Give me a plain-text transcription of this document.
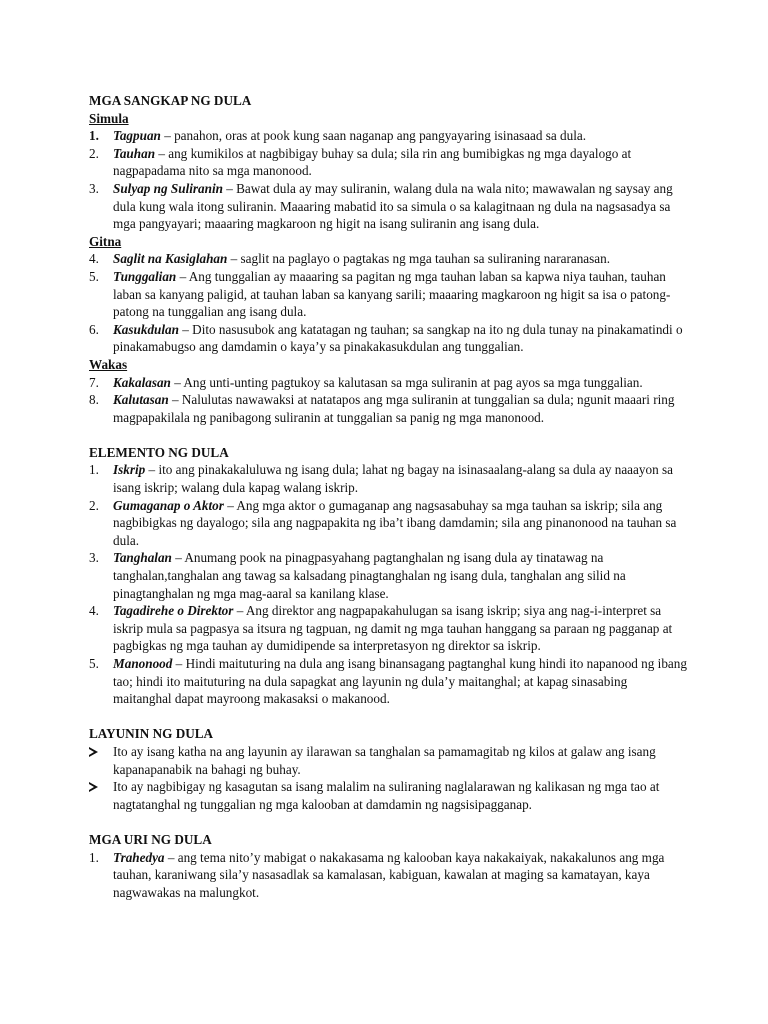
MGA SANGKAP NG DULA
Simula
1. Tagpuan – panahon, oras at pook kung saan naganap ang pangyayaring isinasaad sa dula.
2. Tauhan – ang kumikilos at nagbibigay buhay sa dula; sila rin ang bumibigkas ng mga dayalogo at nagpapadama nito sa mga manonood.
3. Sulyap ng Suliranin – Bawat dula ay may suliranin, walang dula na wala nito; mawawalan ng saysay ang dula kung wala itong suliranin. Maaaring mabatid ito sa simula o sa kalagitnaan ng dula na nagsasadya sa mga pangyayari; maaaring magkaroon ng higit na isang suliranin ang isang dula.
Gitna
4. Saglit na Kasiglahan – saglit na paglayo o pagtakas ng mga tauhan sa suliraning nararanasan.
5. Tunggalian – Ang tunggalian ay maaaring sa pagitan ng mga tauhan laban sa kapwa niya tauhan, tauhan laban sa kanyang paligid, at tauhan laban sa kanyang sarili; maaaring magkaroon ng higit sa isa o patong-patong na tunggalian ang isang dula.
6. Kasukdulan – Dito nasusubok ang katatagan ng tauhan; sa sangkap na ito ng dula tunay na pinakamatindi o pinakamabugso ang damdamin o kaya’y sa pinakakasukdulan ang tunggalian.
Wakas
7. Kakalasan – Ang unti-unting pagtukoy sa kalutasan sa mga suliranin at pag ayos sa mga tunggalian.
8. Kalutasan – Nalulutas nawawaksi at natatapos ang mga suliranin at tunggalian sa dula; ngunit maaari ring magpapakilala ng panibagong suliranin at tunggalian sa panig ng mga manonood.
ELEMENTO NG DULA
1. Iskrip – ito ang pinakakaluluwa ng isang dula; lahat ng bagay na isinasaalang-alang sa dula ay naaayon sa isang iskrip; walang dula kapag walang iskrip.
2. Gumaganap o Aktor – Ang mga aktor o gumaganap ang nagsasabuhay sa mga tauhan sa iskrip; sila ang nagbibigkas ng dayalogo; sila ang nagpapakita ng iba’t ibang damdamin; sila ang pinanonood na tauhan sa dula.
3. Tanghalan – Anumang pook na pinagpasyahang pagtanghalan ng isang dula ay tinatawag na tanghalan,tanghalan ang tawag sa kalsadang pinagtanghalan ng isang dula, tanghalan ang silid na pinagtanghalan ng mga mag-aaral sa kanilang klase.
4. Tagadirehe o Direktor – Ang direktor ang nagpapakahulugan sa isang iskrip; siya ang nag-i-interpret sa iskrip mula sa pagpasya sa itsura ng tagpuan, ng damit ng mga tauhan hanggang sa paraan ng pagganap at pagbigkas ng mga tauhan ay dumidipende sa interpretasyon ng direktor sa iskrip.
5. Manonood – Hindi maituturing na dula ang isang binansagang pagtanghal kung hindi ito napanood ng ibang tao; hindi ito maituturing na dula sapagkat ang layunin ng dula’y maitanghal; at kapag sinasabing maitanghal dapat mayroong makasaksi o makanood.
LAYUNIN NG DULA
Ito ay isang katha na ang layunin ay ilarawan sa tanghalan sa pamamagitab ng kilos at galaw ang isang kapanapanabik na bahagi ng buhay.
Ito ay nagbibigay ng kasagutan sa isang malalim na suliraning naglalarawan ng kalikasan ng mga tao at nagtatanghal ng tunggalian ng mga kalooban at damdamin ng nagsisipagganap.
MGA URI NG DULA
1. Trahedya – ang tema nito’y mabigat o nakakasama ng kalooban kaya nakakaiyak, nakakalunos ang mga tauhan, karaniwang sila’y nasasadlak sa kamalasan, kabiguan, kawalan at maging sa kamatayan, kaya nagwawakas na malungkot.
